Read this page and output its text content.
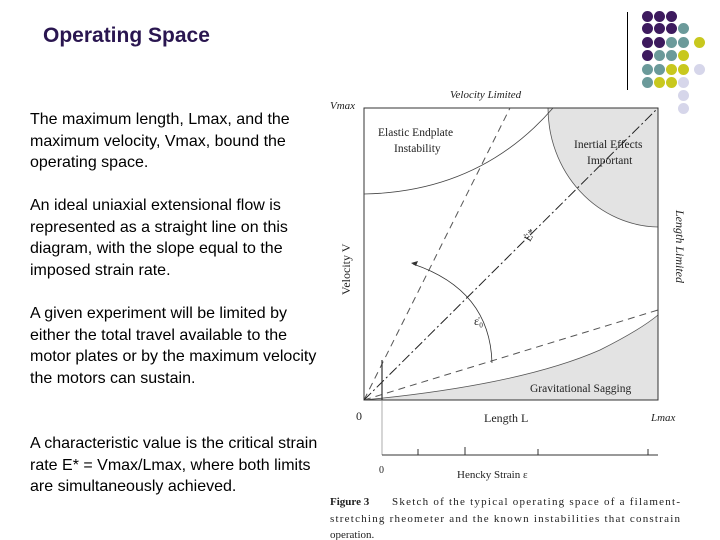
Operating Space
The maximum length, Lmax, and the maximum velocity, Vmax, bound the operating space.
An ideal uniaxial extensional flow is represented as a straight line on this diagram, with the slope equal to the imposed strain rate.
A given experiment will be limited by either the total travel available to the motor plates or by the maximum velocity the motors can sustain.
A characteristic value is the critical strain rate E* = Vmax/Lmax, where both limits are simultaneously achieved.
Velocity Limited
Vmax
Length Limited
Velocity V
Elastic Endplate
Instability	Inertial Effects
Important
Gravitational Sagging
ε̇₀
Ė*
0	Length L	Lmax
0	Hencky Strain ε
Figure 3 Sketch of the typical operating space of a filament-
stretching rheometer and the known instabilities that constrain
operation.
